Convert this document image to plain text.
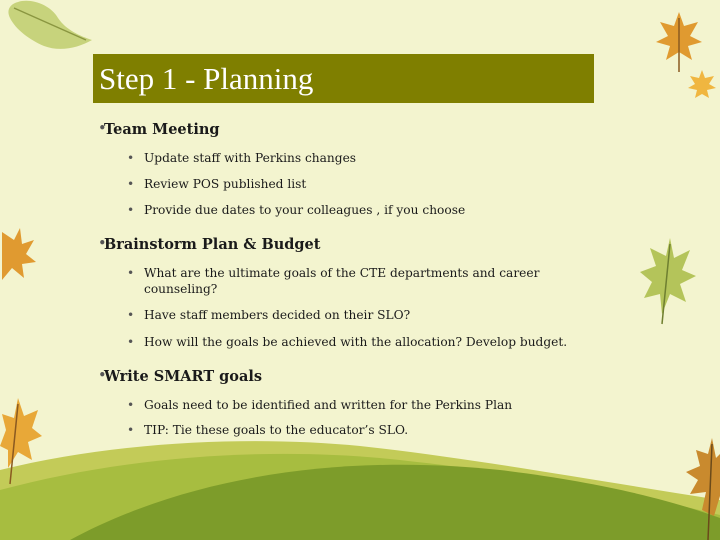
Step 1 - Planning
•
Team Meeting
• Update staff with Perkins changes
• Review POS published list
• Provide due dates to your colleagues , if you choose
•
Brainstorm Plan & Budget
• What are the ultimate goals of the CTE departments and career counseling?
• Have staff members decided on their SLO?
• How will the goals be achieved with the allocation? Develop budget.
•
Write SMART goals
• Goals need to be identified and written for the Perkins Plan
• TIP: Tie these goals to the educator’s SLO.
